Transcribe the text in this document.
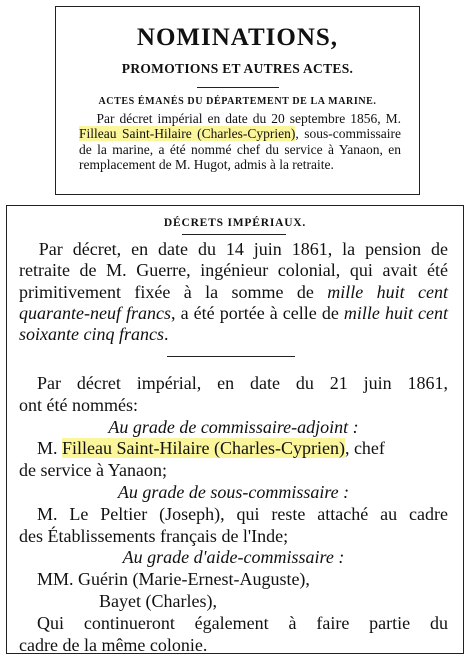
NOMINATIONS,
PROMOTIONS ET AUTRES ACTES.
ACTES ÉMANÉS DU DÉPARTEMENT DE LA MARINE.

Par décret impérial en date du 20 septembre 1856, M. Filleau Saint-Hilaire (Charles-Cyprien), sous-commissaire de la marine, a été nommé chef du service à Yanaon, en remplacement de M. Hugot, admis à la retraite.

DÉCRETS IMPÉRIAUX.

Par décret, en date du 14 juin 1861, la pension de retraite de M. Guerre, ingénieur colonial, qui avait été primitivement fixée à la somme de mille huit cent quarante-neuf francs, a été portée à celle de mille huit cent soixante cinq francs.

Par décret impérial, en date du 21 juin 1861,
ont été nommés:
Au grade de commissaire-adjoint :
M. Filleau Saint-Hilaire (Charles-Cyprien), chef
de service à Yanaon;
Au grade de sous-commissaire :
M. Le Peltier (Joseph), qui reste attaché au cadre
des Établissements français de l'Inde;
Au grade d'aide-commissaire :
MM. Guérin (Marie-Ernest-Auguste),
Bayet (Charles),
Qui continueront également à faire partie du
cadre de la même colonie.
